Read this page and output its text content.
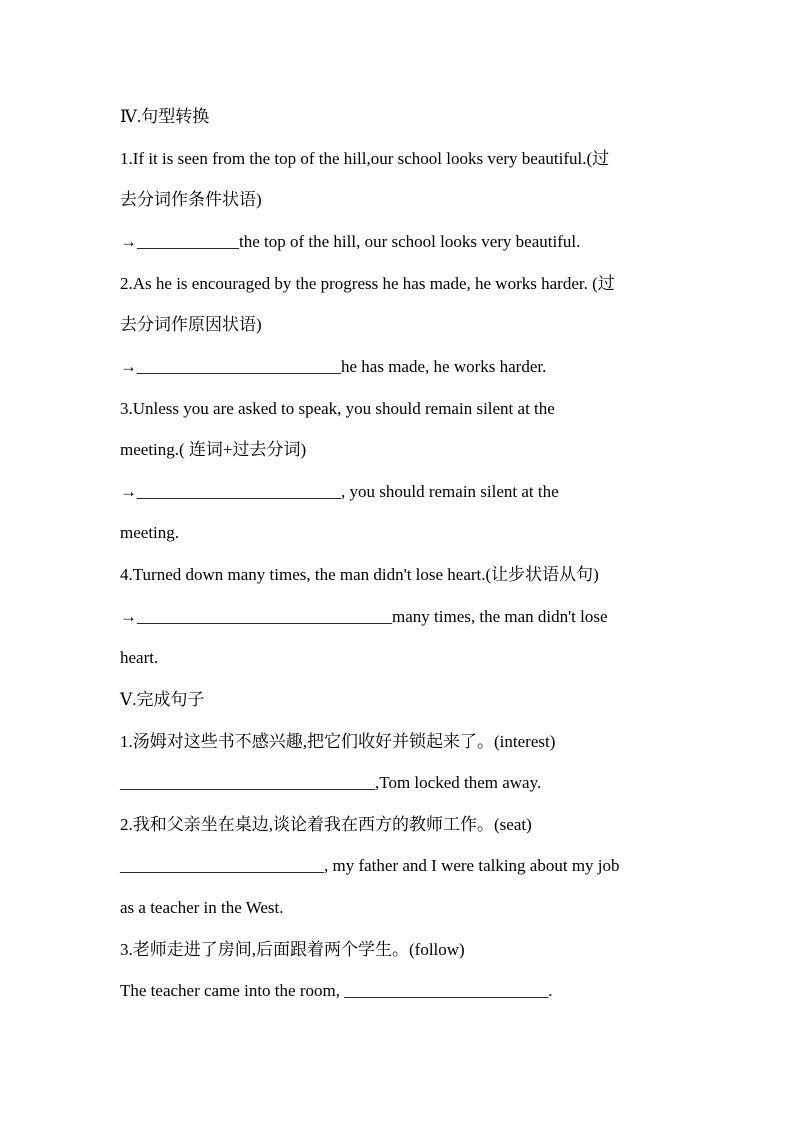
Ⅳ.句型转换
1.If it is seen from the top of the hill,our school looks very beautiful.(过
去分词作条件状语)
→____________the top of the hill, our school looks very beautiful.
2.As he is encouraged by the progress he has made, he works harder. (过
去分词作原因状语)
→________________________he has made, he works harder.
3.Unless you are asked to speak, you should remain silent at the
meeting.( 连词+过去分词)
→________________________, you should remain silent at the
meeting.
4.Turned down many times, the man didn't lose heart.(让步状语从句)
→______________________________many times, the man didn't lose
heart.
Ⅴ.完成句子
1.汤姆对这些书不感兴趣,把它们收好并锁起来了。(interest)
______________________________,Tom locked them away.
2.我和父亲坐在桌边,谈论着我在西方的教师工作。(seat)
________________________, my father and I were talking about my job
as a teacher in the West.
3.老师走进了房间,后面跟着两个学生。(follow)
The teacher came into the room, ________________________.
